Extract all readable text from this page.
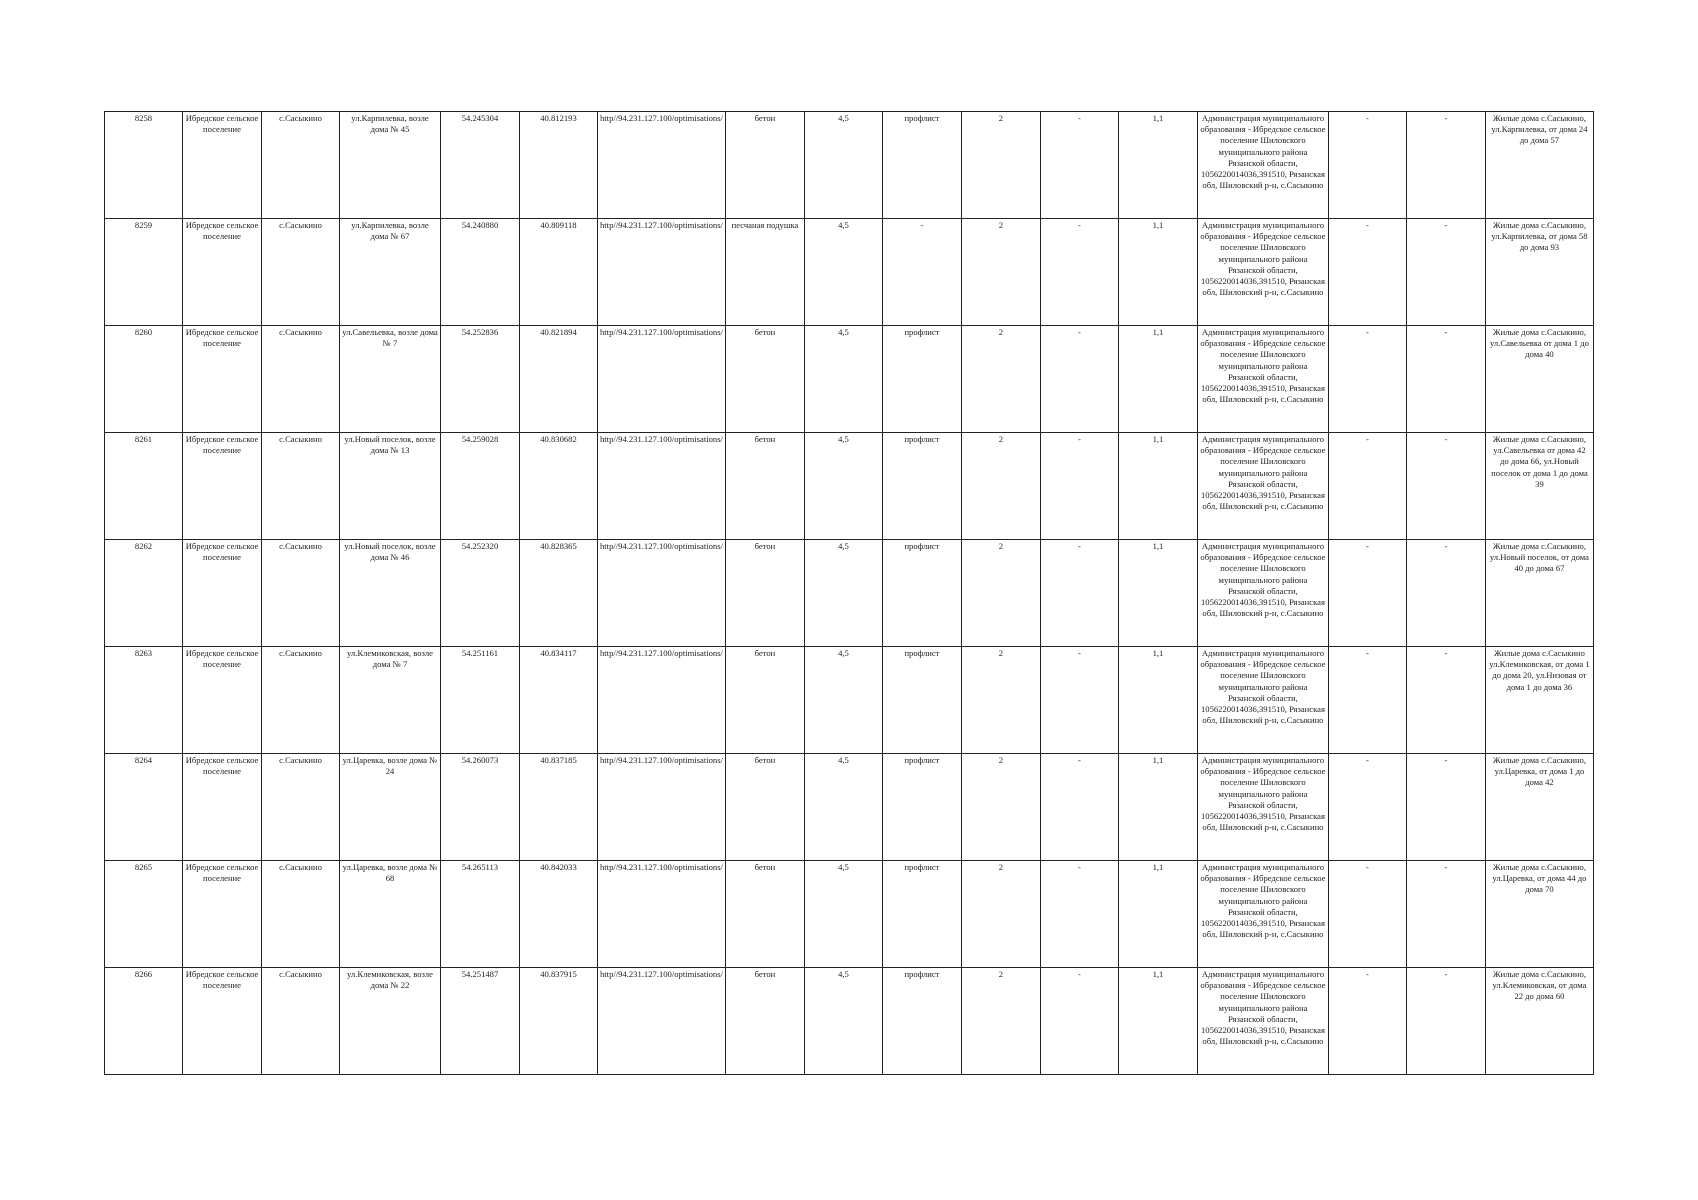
8258	Ибредское сельское поселение	с.Сасыкино	ул.Карпилевка, возле дома № 45	54.245304	40.812193	http//94.231.127.100/optimisations/	бетон	4,5	профлист	2	-	1,1	Администрация муниципального образования - Ибредское сельское поселение Шиловского муниципального района Рязанской области, 1056220014036,391510, Рязанская обл, Шиловский р-н, с.Сасыкино	-	-	Жилые дома с.Сасыкино, ул.Карпилевка, от дома 24 до дома 57
8259	Ибредское сельское поселение	с.Сасыкино	ул.Карпилевка, возле дома № 67	54.240880	40.809118	http//94.231.127.100/optimisations/	песчаная подушка	4,5	-	2	-	1,1	Администрация муниципального образования - Ибредское сельское поселение Шиловского муниципального района Рязанской области, 1056220014036,391510, Рязанская обл, Шиловский р-н, с.Сасыкино	-	-	Жилые дома с.Сасыкино, ул.Карпилевка, от дома 58 до дома 93
8260	Ибредское сельское поселение	с.Сасыкино	ул.Савельевка, возле дома № 7	54.252836	40.821894	http//94.231.127.100/optimisations/	бетон	4,5	профлист	2	-	1,1	Администрация муниципального образования - Ибредское сельское поселение Шиловского муниципального района Рязанской области, 1056220014036,391510, Рязанская обл, Шиловский р-н, с.Сасыкино	-	-	Жилые дома с.Сасыкино, ул.Савельевка от дома 1 до дома 40
8261	Ибредское сельское поселение	с.Сасыкино	ул.Новый поселок, возле дома № 13	54.259028	40.830682	http//94.231.127.100/optimisations/	бетон	4,5	профлист	2	-	1,1	Администрация муниципального образования - Ибредское сельское поселение Шиловского муниципального района Рязанской области, 1056220014036,391510, Рязанская обл, Шиловский р-н, с.Сасыкино	-	-	Жилые дома с.Сасыкино, ул.Савельевка от дома 42 до дома 66, ул.Новый поселок от дома 1 до дома 39
8262	Ибредское сельское поселение	с.Сасыкино	ул.Новый поселок, возле дома № 46	54.252320	40.828365	http//94.231.127.100/optimisations/	бетон	4,5	профлист	2	-	1,1	Администрация муниципального образования - Ибредское сельское поселение Шиловского муниципального района Рязанской области, 1056220014036,391510, Рязанская обл, Шиловский р-н, с.Сасыкино	-	-	Жилые дома с.Сасыкино, ул.Новый поселок, от дома 40 до дома 67
8263	Ибредское сельское поселение	с.Сасыкино	ул.Клемиковская, возле дома № 7	54.251161	40.834117	http//94.231.127.100/optimisations/	бетон	4,5	профлист	2	-	1,1	Администрация муниципального образования - Ибредское сельское поселение Шиловского муниципального района Рязанской области, 1056220014036,391510, Рязанская обл, Шиловский р-н, с.Сасыкино	-	-	Жилые дома с.Сасыкино ул.Клемиковская, от дома 1 до дома 20, ул.Низовая от дома 1 до дома 36
8264	Ибредское сельское поселение	с.Сасыкино	ул.Царевка, возле дома № 24	54.260073	40.837185	http//94.231.127.100/optimisations/	бетон	4,5	профлист	2	-	1,1	Администрация муниципального образования - Ибредское сельское поселение Шиловского муниципального района Рязанской области, 1056220014036,391510, Рязанская обл, Шиловский р-н, с.Сасыкино	-	-	Жилые дома с.Сасыкино, ул.Царевка, от дома 1 до дома 42
8265	Ибредское сельское поселение	с.Сасыкино	ул.Царевка, возле дома № 68	54.265113	40.842033	http//94.231.127.100/optimisations/	бетон	4,5	профлист	2	-	1,1	Администрация муниципального образования - Ибредское сельское поселение Шиловского муниципального района Рязанской области, 1056220014036,391510, Рязанская обл, Шиловский р-н, с.Сасыкино	-	-	Жилые дома с.Сасыкино, ул.Царевка, от дома 44 до дома 70
8266	Ибредское сельское поселение	с.Сасыкино	ул.Клемиковская, возле дома № 22	54.251487	40.837915	http//94.231.127.100/optimisations/	бетон	4,5	профлист	2	-	1,1	Администрация муниципального образования - Ибредское сельское поселение Шиловского муниципального района Рязанской области, 1056220014036,391510, Рязанская обл, Шиловский р-н, с.Сасыкино	-	-	Жилые дома с.Сасыкино, ул.Клемиковская, от дома 22 до дома 60
